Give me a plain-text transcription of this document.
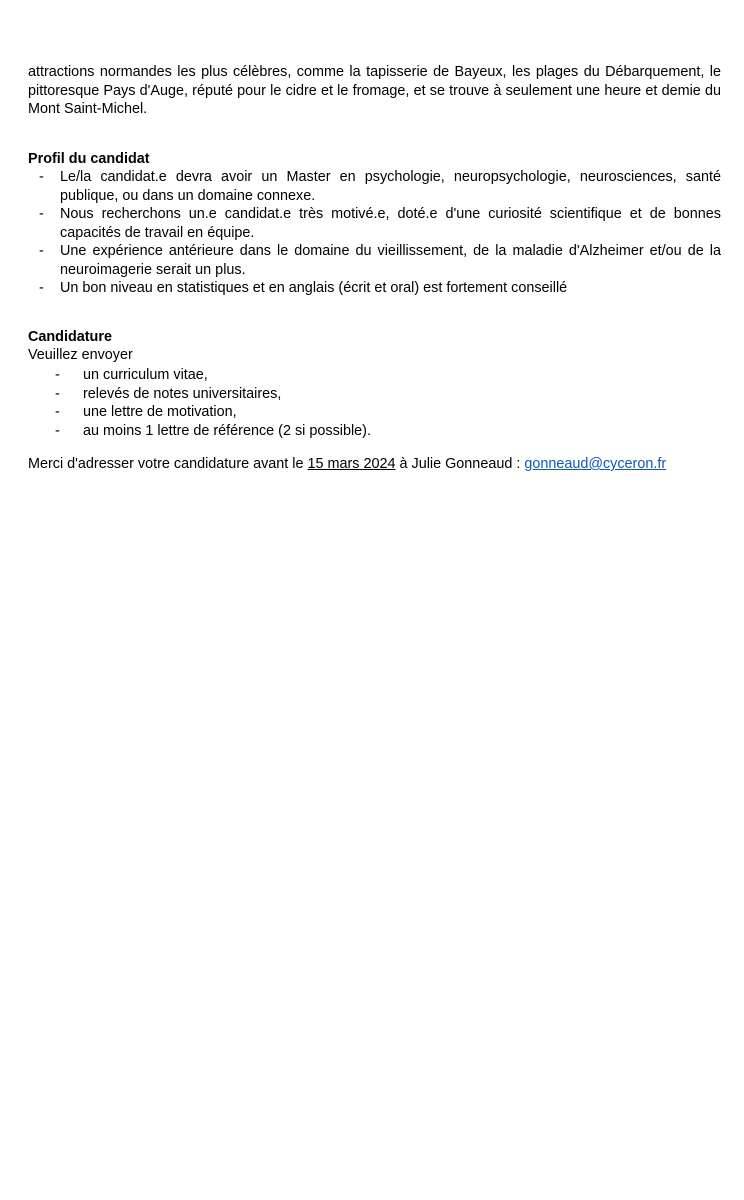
attractions normandes les plus célèbres, comme la tapisserie de Bayeux, les plages du Débarquement, le pittoresque Pays d'Auge, réputé pour le cidre et le fromage, et se trouve à seulement une heure et demie du Mont Saint-Michel.

Profil du candidat

- Le/la candidat.e devra avoir un Master en psychologie, neuropsychologie, neurosciences, santé publique, ou dans un domaine connexe.
- Nous recherchons un.e candidat.e très motivé.e, doté.e d'une curiosité scientifique et de bonnes capacités de travail en équipe.
- Une expérience antérieure dans le domaine du vieillissement, de la maladie d'Alzheimer et/ou de la neuroimagerie serait un plus.
- Un bon niveau en statistiques et en anglais (écrit et oral) est fortement conseillé

Candidature

Veuillez envoyer

- un curriculum vitae,
- relevés de notes universitaires,
- une lettre de motivation,
- au moins 1 lettre de référence (2 si possible).

Merci d'adresser votre candidature avant le 15 mars 2024 à Julie Gonneaud : gonneaud@cyceron.fr
